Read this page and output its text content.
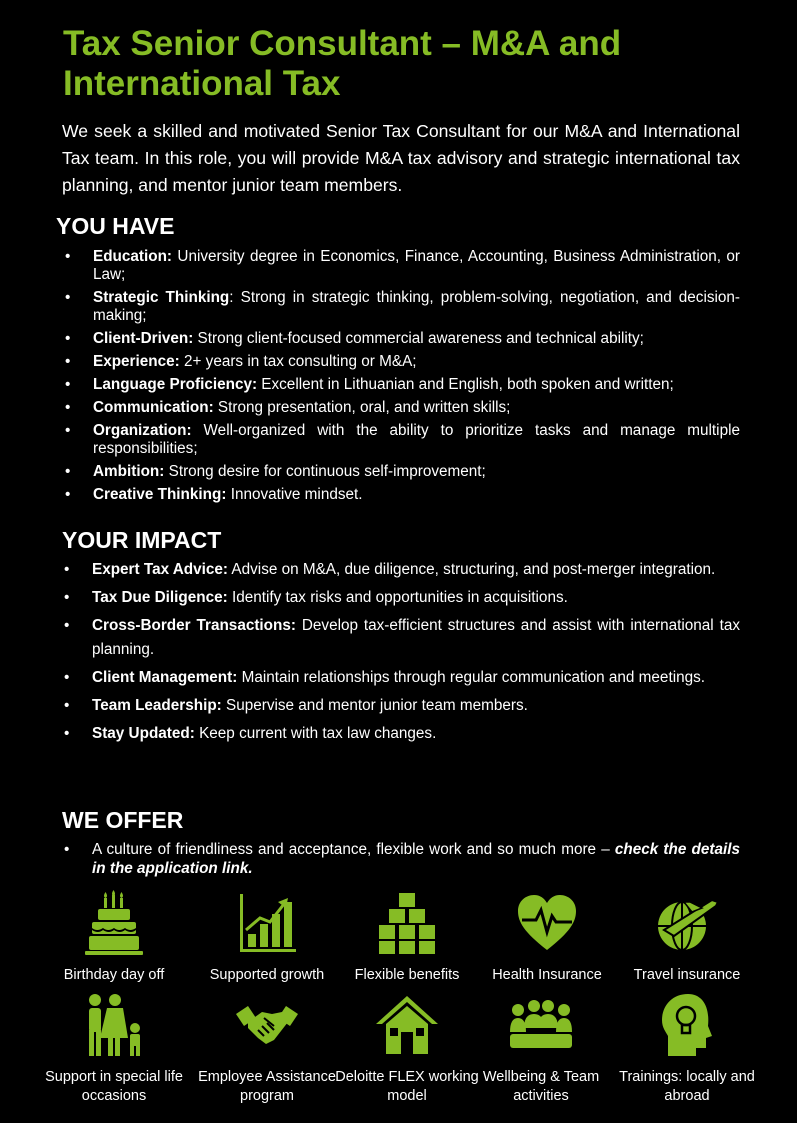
Tax Senior Consultant – M&A and International Tax

We seek a skilled and motivated Senior Tax Consultant for our M&A and International Tax team. In this role, you will provide M&A tax advisory and strategic international tax planning, and mentor junior team members.

YOU HAVE
• Education: University degree in Economics, Finance, Accounting, Business Administration, or Law;
• Strategic Thinking: Strong in strategic thinking, problem-solving, negotiation, and decision-making;
• Client-Driven: Strong client-focused commercial awareness and technical ability;
• Experience: 2+ years in tax consulting or M&A;
• Language Proficiency: Excellent in Lithuanian and English, both spoken and written;
• Communication: Strong presentation, oral, and written skills;
• Organization: Well-organized with the ability to prioritize tasks and manage multiple responsibilities;
• Ambition: Strong desire for continuous self-improvement;
• Creative Thinking: Innovative mindset.
YOUR IMPACT
• Expert Tax Advice: Advise on M&A, due diligence, structuring, and post-merger integration.
• Tax Due Diligence: Identify tax risks and opportunities in acquisitions.
• Cross-Border Transactions: Develop tax-efficient structures and assist with international tax planning.
• Client Management: Maintain relationships through regular communication and meetings.
• Team Leadership: Supervise and mentor junior team members.
• Stay Updated: Keep current with tax law changes.
WE OFFER
• A culture of friendliness and acceptance, flexible work and so much more – check the details in the application link.
Birthday day off	Supported growth	Flexible benefits	Health Insurance	Travel insurance
Support in special life occasions
Employee Assistance program
Deloitte FLEX working model
Wellbeing & Team activities
Trainings: locally and abroad
